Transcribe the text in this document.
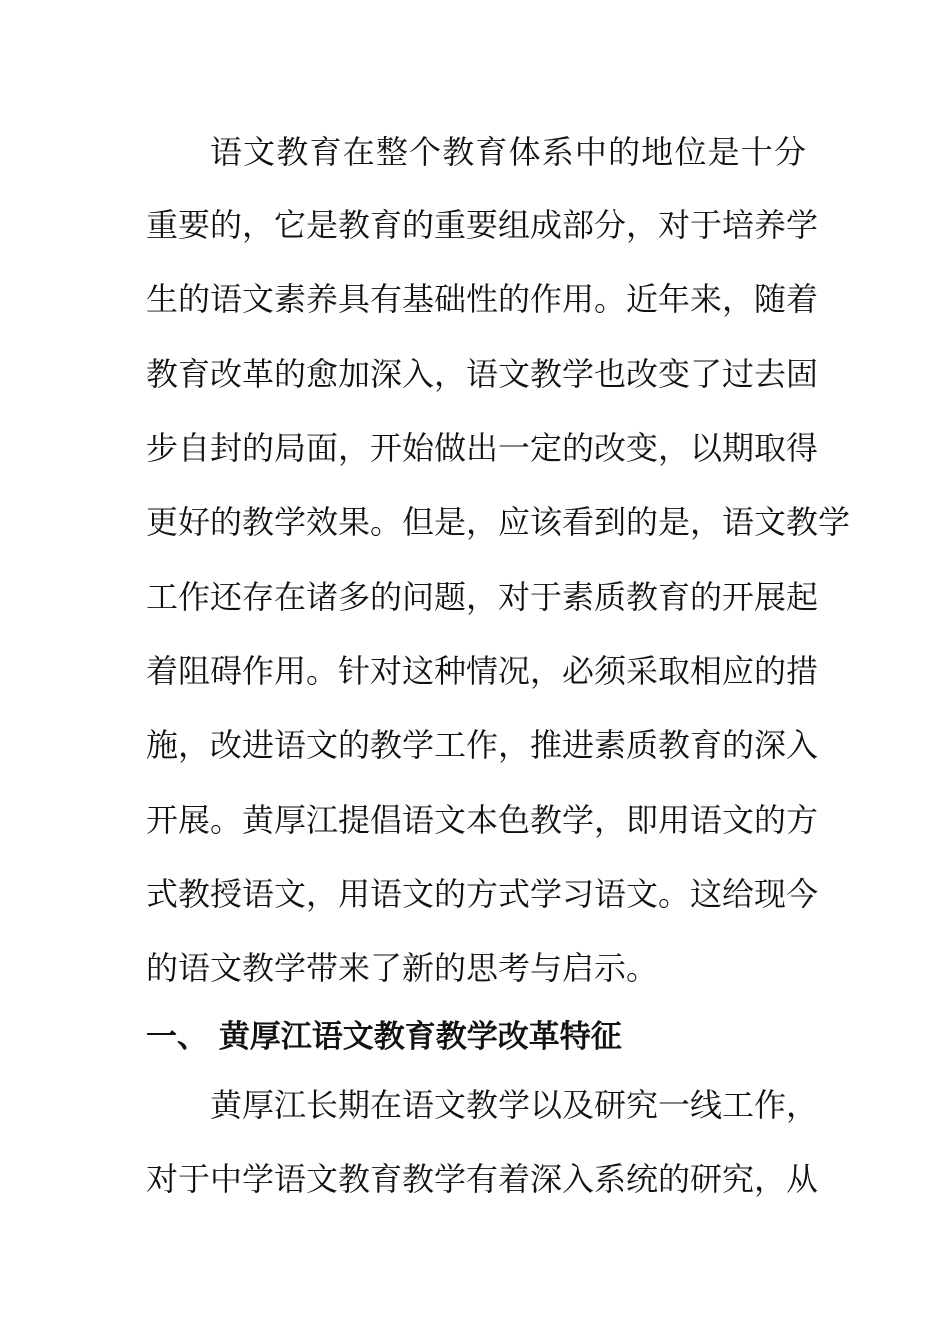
语文教育在整个教育体系中的地位是十分
重要的，它是教育的重要组成部分，对于培养学
生的语文素养具有基础性的作用。近年来，随着
教育改革的愈加深入，语文教学也改变了过去固
步自封的局面，开始做出一定的改变，以期取得
更好的教学效果。但是，应该看到的是，语文教学
工作还存在诸多的问题，对于素质教育的开展起
着阻碍作用。针对这种情况，必须采取相应的措
施，改进语文的教学工作，推进素质教育的深入
开展。黄厚江提倡语文本色教学，即用语文的方
式教授语文，用语文的方式学习语文。这给现今
的语文教学带来了新的思考与启示。
一、 黄厚江语文教育教学改革特征
黄厚江长期在语文教学以及研究一线工作，
对于中学语文教育教学有着深入系统的研究，从
